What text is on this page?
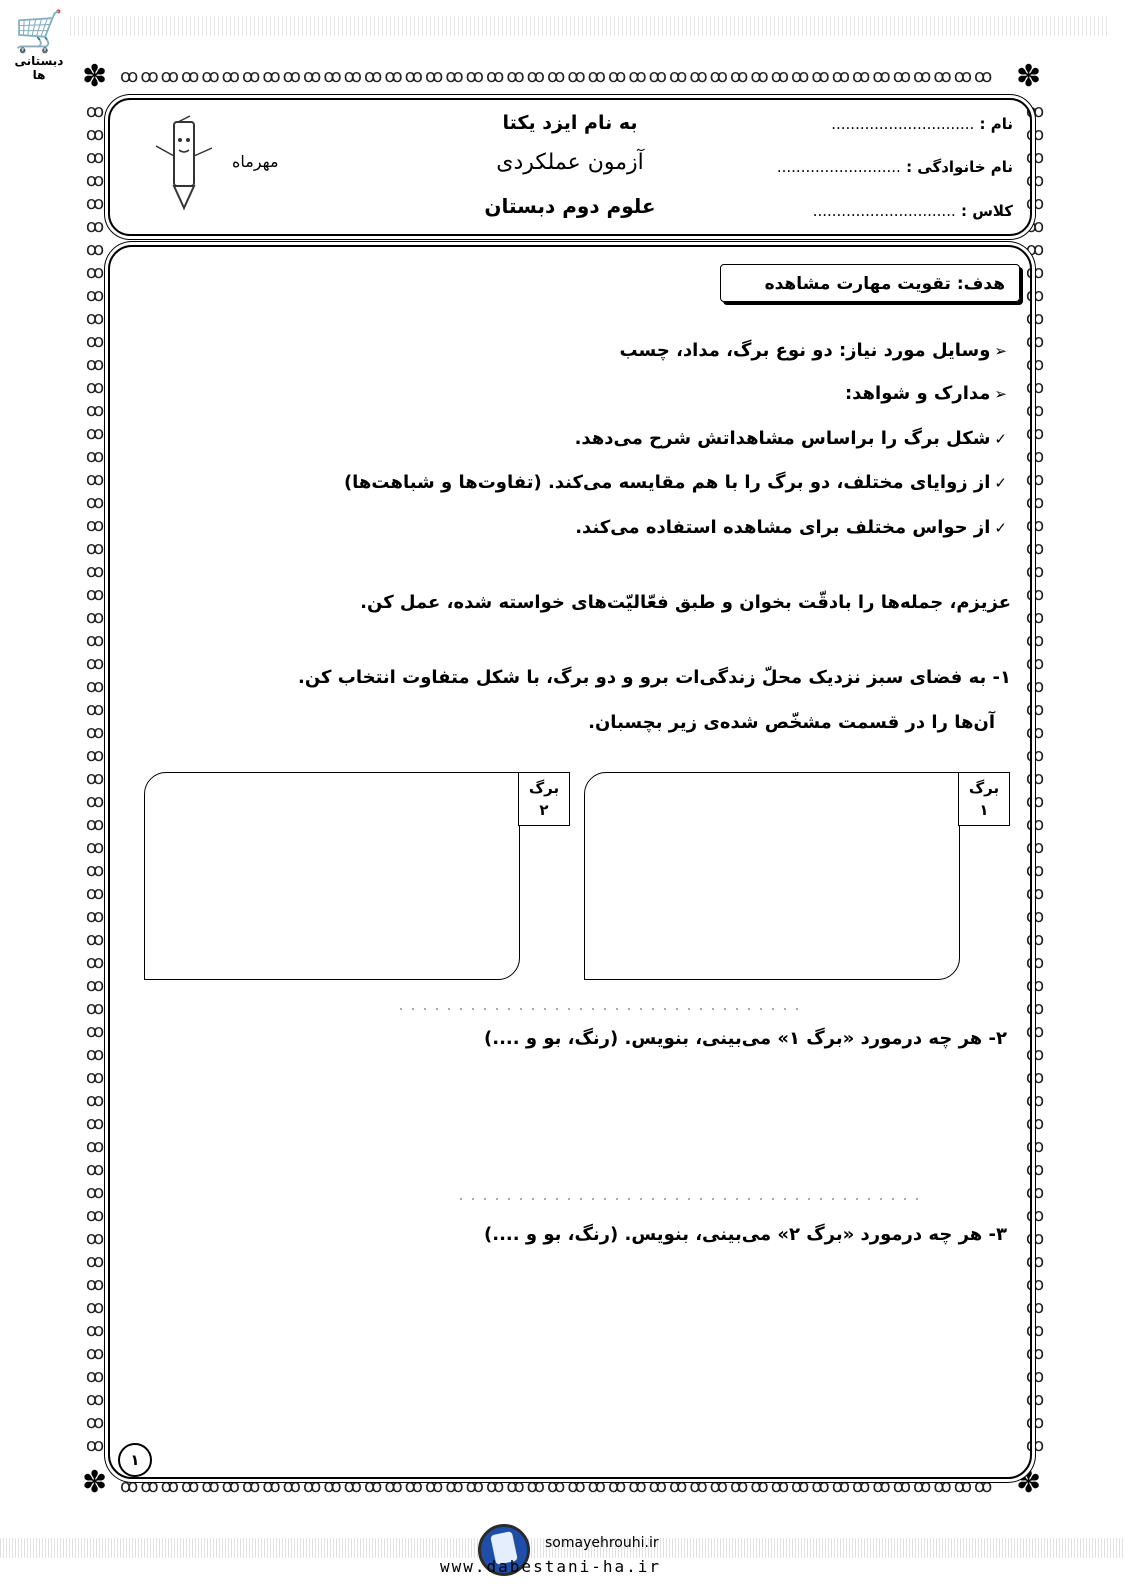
🛒
دبستانی ها	✽	✽
✽	✽
ꝏꝏꝏꝏꝏꝏꝏꝏꝏꝏꝏꝏꝏꝏꝏꝏꝏꝏꝏꝏꝏꝏꝏꝏꝏꝏꝏꝏꝏꝏꝏꝏꝏꝏꝏꝏꝏꝏꝏꝏꝏꝏꝏ
ꝏꝏꝏꝏꝏꝏꝏꝏꝏꝏꝏꝏꝏꝏꝏꝏꝏꝏꝏꝏꝏꝏꝏꝏꝏꝏꝏꝏꝏꝏꝏꝏꝏꝏꝏꝏꝏꝏꝏꝏꝏꝏꝏ
ꝏ
ꝏ
ꝏ
ꝏ
ꝏ
ꝏ
ꝏ
ꝏ
ꝏ
ꝏ
ꝏ
ꝏ
ꝏ
ꝏ
ꝏ
ꝏ
ꝏ
ꝏ
ꝏ
ꝏ
ꝏ
ꝏ
ꝏ
ꝏ
ꝏ
ꝏ
ꝏ
ꝏ
ꝏ
ꝏ
ꝏ
ꝏ
ꝏ
ꝏ
ꝏ
ꝏ
ꝏ
ꝏ
ꝏ
ꝏ
ꝏ
ꝏ
ꝏ
ꝏ
ꝏ
ꝏ
ꝏ
ꝏ
ꝏ
ꝏ
ꝏ
ꝏ
ꝏ
ꝏ
ꝏ
ꝏ
ꝏ
ꝏ
ꝏ
ꝏ
ꝏ
ꝏ
ꝏ
ꝏ
ꝏ
ꝏ
ꝏ
ꝏ
ꝏ
ꝏ
ꝏ
ꝏ
ꝏ
ꝏ
ꝏ
ꝏ
ꝏ
ꝏ
ꝏ
ꝏ
ꝏ
ꝏ
ꝏ
ꝏ
ꝏ
ꝏ
ꝏ
ꝏ
ꝏ
ꝏ
ꝏ
ꝏ
ꝏ
ꝏ
ꝏ
ꝏ
ꝏ
ꝏ
ꝏ
ꝏ
ꝏ
ꝏ
ꝏ
ꝏ
ꝏ
ꝏ
ꝏ
ꝏ
ꝏ
ꝏ
ꝏ
ꝏ
ꝏ
ꝏ
ꝏ
ꝏ
ꝏ
ꝏ
نام : ..............................
نام خانوادگی : ..........................
کلاس : ..............................
به نام ایزد یکتا
آزمون عملکردی
علوم دوم دبستان
مهرماه
هدف: تقویت مهارت مشاهده
➢وسایل مورد نیاز: دو نوع برگ، مداد، چسب
➢مدارک و شواهد:
✓شکل برگ را براساس مشاهداتش شرح می‌دهد.
✓از زوایای مختلف، دو برگ را با هم مقایسه می‌کند. (تفاوت‌ها و شباهت‌ها)
✓از حواس مختلف برای مشاهده استفاده می‌کند.
عزیزم، جمله‌ها را بادقّت بخوان و طبق فعّالیّت‌های خواسته شده، عمل کن.
۱- به فضای سبز نزدیک محلّ زندگی‌ات برو و دو برگ، با شکل متفاوت انتخاب کن.
آن‌ها را در قسمت مشخّص شده‌ی زیر بچسبان.
برگ
۱
برگ
۲
۲- هر چه درمورد «برگ ۱» می‌بینی، بنویس. (رنگ، بو و ....)
۳- هر چه درمورد «برگ ۲» می‌بینی، بنویس. (رنگ، بو و ....)
۱
somayehrouhi.ir
www.dabestani-ha.ir
